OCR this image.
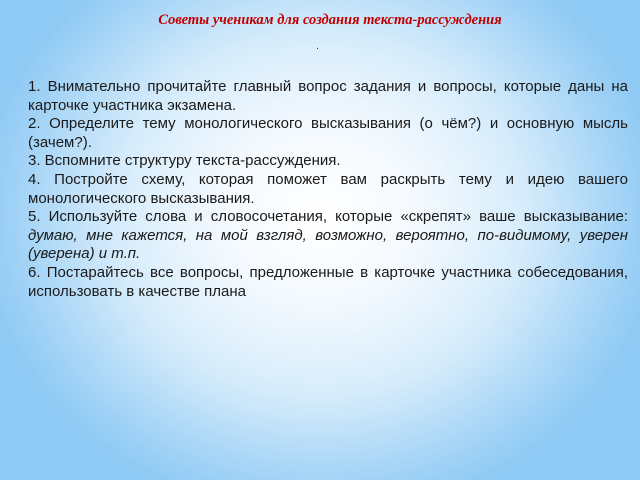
Советы ученикам для создания текста-рассуждения
.

1. Внимательно прочитайте главный вопрос задания и вопросы, которые даны на карточке участника экзамена.

2. Определите тему монологического высказывания (о чём?) и основную мысль (зачем?).

3. Вспомните структуру текста-рассуждения.

4. Постройте схему, которая поможет вам раскрыть тему и идею вашего монологического высказывания.

5. Используйте слова и словосочетания, которые «скрепят» ваше высказывание: думаю, мне кажется, на мой взгляд, возможно, вероятно, по-видимому, уверен (уверена) и т.п.

6. Постарайтесь все вопросы, предложенные в карточке участника собеседования, использовать в качестве плана
